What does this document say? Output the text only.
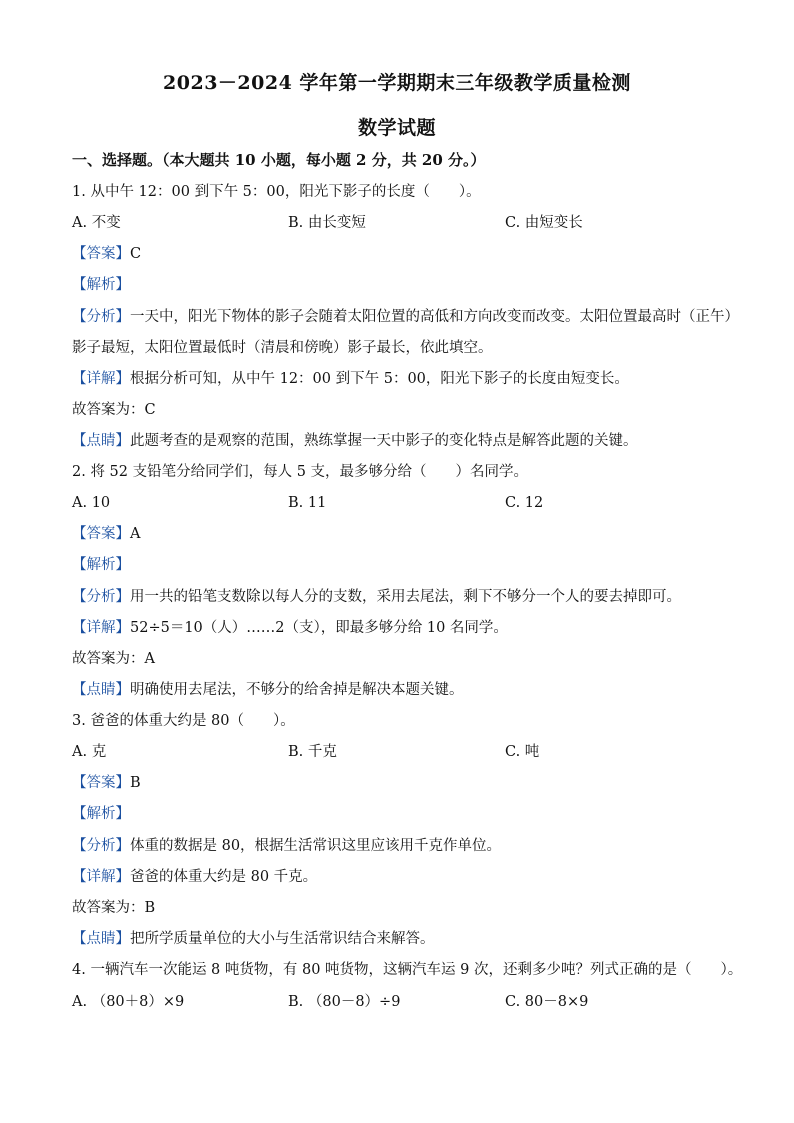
2023－2024 学年第一学期期末三年级教学质量检测
数学试题
一、选择题。（本大题共 10 小题，每小题 2 分，共 20 分。）
1. 从中午 12：00 到下午 5：00，阳光下影子的长度（　　）。
A. 不变	B. 由长变短	C. 由短变长
【答案】C
【解析】
【分析】一天中，阳光下物体的影子会随着太阳位置的高低和方向改变而改变。太阳位置最高时（正午）
影子最短，太阳位置最低时（清晨和傍晚）影子最长，依此填空。
【详解】根据分析可知，从中午 12：00 到下午 5：00，阳光下影子的长度由短变长。
故答案为：C
【点睛】此题考查的是观察的范围，熟练掌握一天中影子的变化特点是解答此题的关键。
2. 将 52 支铅笔分给同学们，每人 5 支，最多够分给（　　）名同学。
A. 10	B. 11	C. 12
【答案】A
【解析】
【分析】用一共的铅笔支数除以每人分的支数，采用去尾法，剩下不够分一个人的要去掉即可。
【详解】52÷5＝10（人）……2（支），即最多够分给 10 名同学。
故答案为：A
【点睛】明确使用去尾法，不够分的给舍掉是解决本题关键。
3. 爸爸的体重大约是 80（　　）。
A. 克	B. 千克	C. 吨
【答案】B
【解析】
【分析】体重的数据是 80，根据生活常识这里应该用千克作单位。
【详解】爸爸的体重大约是 80 千克。
故答案为：B
【点睛】把所学质量单位的大小与生活常识结合来解答。
4. 一辆汽车一次能运 8 吨货物，有 80 吨货物，这辆汽车运 9 次，还剩多少吨？列式正确的是（　　）。
A. （80＋8）×9	B. （80－8）÷9	C. 80－8×9
